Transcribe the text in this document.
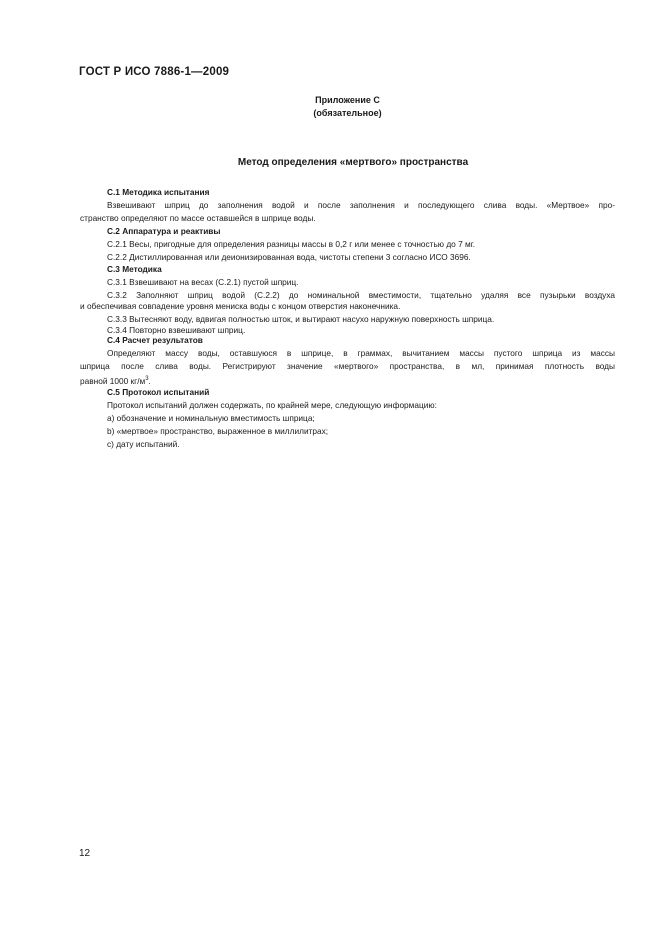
ГОСТ Р ИСО 7886-1—2009
Приложение С
(обязательное)
Метод определения «мертвого» пространства
С.1 Методика испытания
Взвешивают шприц до заполнения водой и после заполнения и последующего слива воды. «Мертвое» про-
странство определяют по массе оставшейся в шприце воды.
С.2 Аппаратура и реактивы
С.2.1 Весы, пригодные для определения разницы массы в 0,2 г или менее с точностью до 7 мг.
С.2.2 Дистиллированная или деионизированная вода, чистоты степени 3 согласно ИСО 3696.
С.3 Методика
С.3.1 Взвешивают на весах (С.2.1) пустой шприц.
С.3.2 Заполняют шприц водой (С.2.2) до номинальной вместимости, тщательно удаляя все пузырьки воздуха
и обеспечивая совпадение уровня мениска воды с концом отверстия наконечника.
С.3.3 Вытесняют воду, вдвигая полностью шток, и вытирают насухо наружную поверхность шприца.
С.3.4 Повторно взвешивают шприц.
С.4 Расчет результатов
Определяют массу воды, оставшуюся в шприце, в граммах, вычитанием массы пустого шприца из массы
шприца после слива воды. Регистрируют значение «мертвого» пространства, в мл, принимая плотность воды
равной 1000 $кг/м^3$.
С.5 Протокол испытаний
Протокол испытаний должен содержать, по крайней мере, следующую информацию:
а) обозначение и номинальную вместимость шприца;
b) «мертвое» пространство, выраженное в миллилитрах;
с) дату испытаний.
12
